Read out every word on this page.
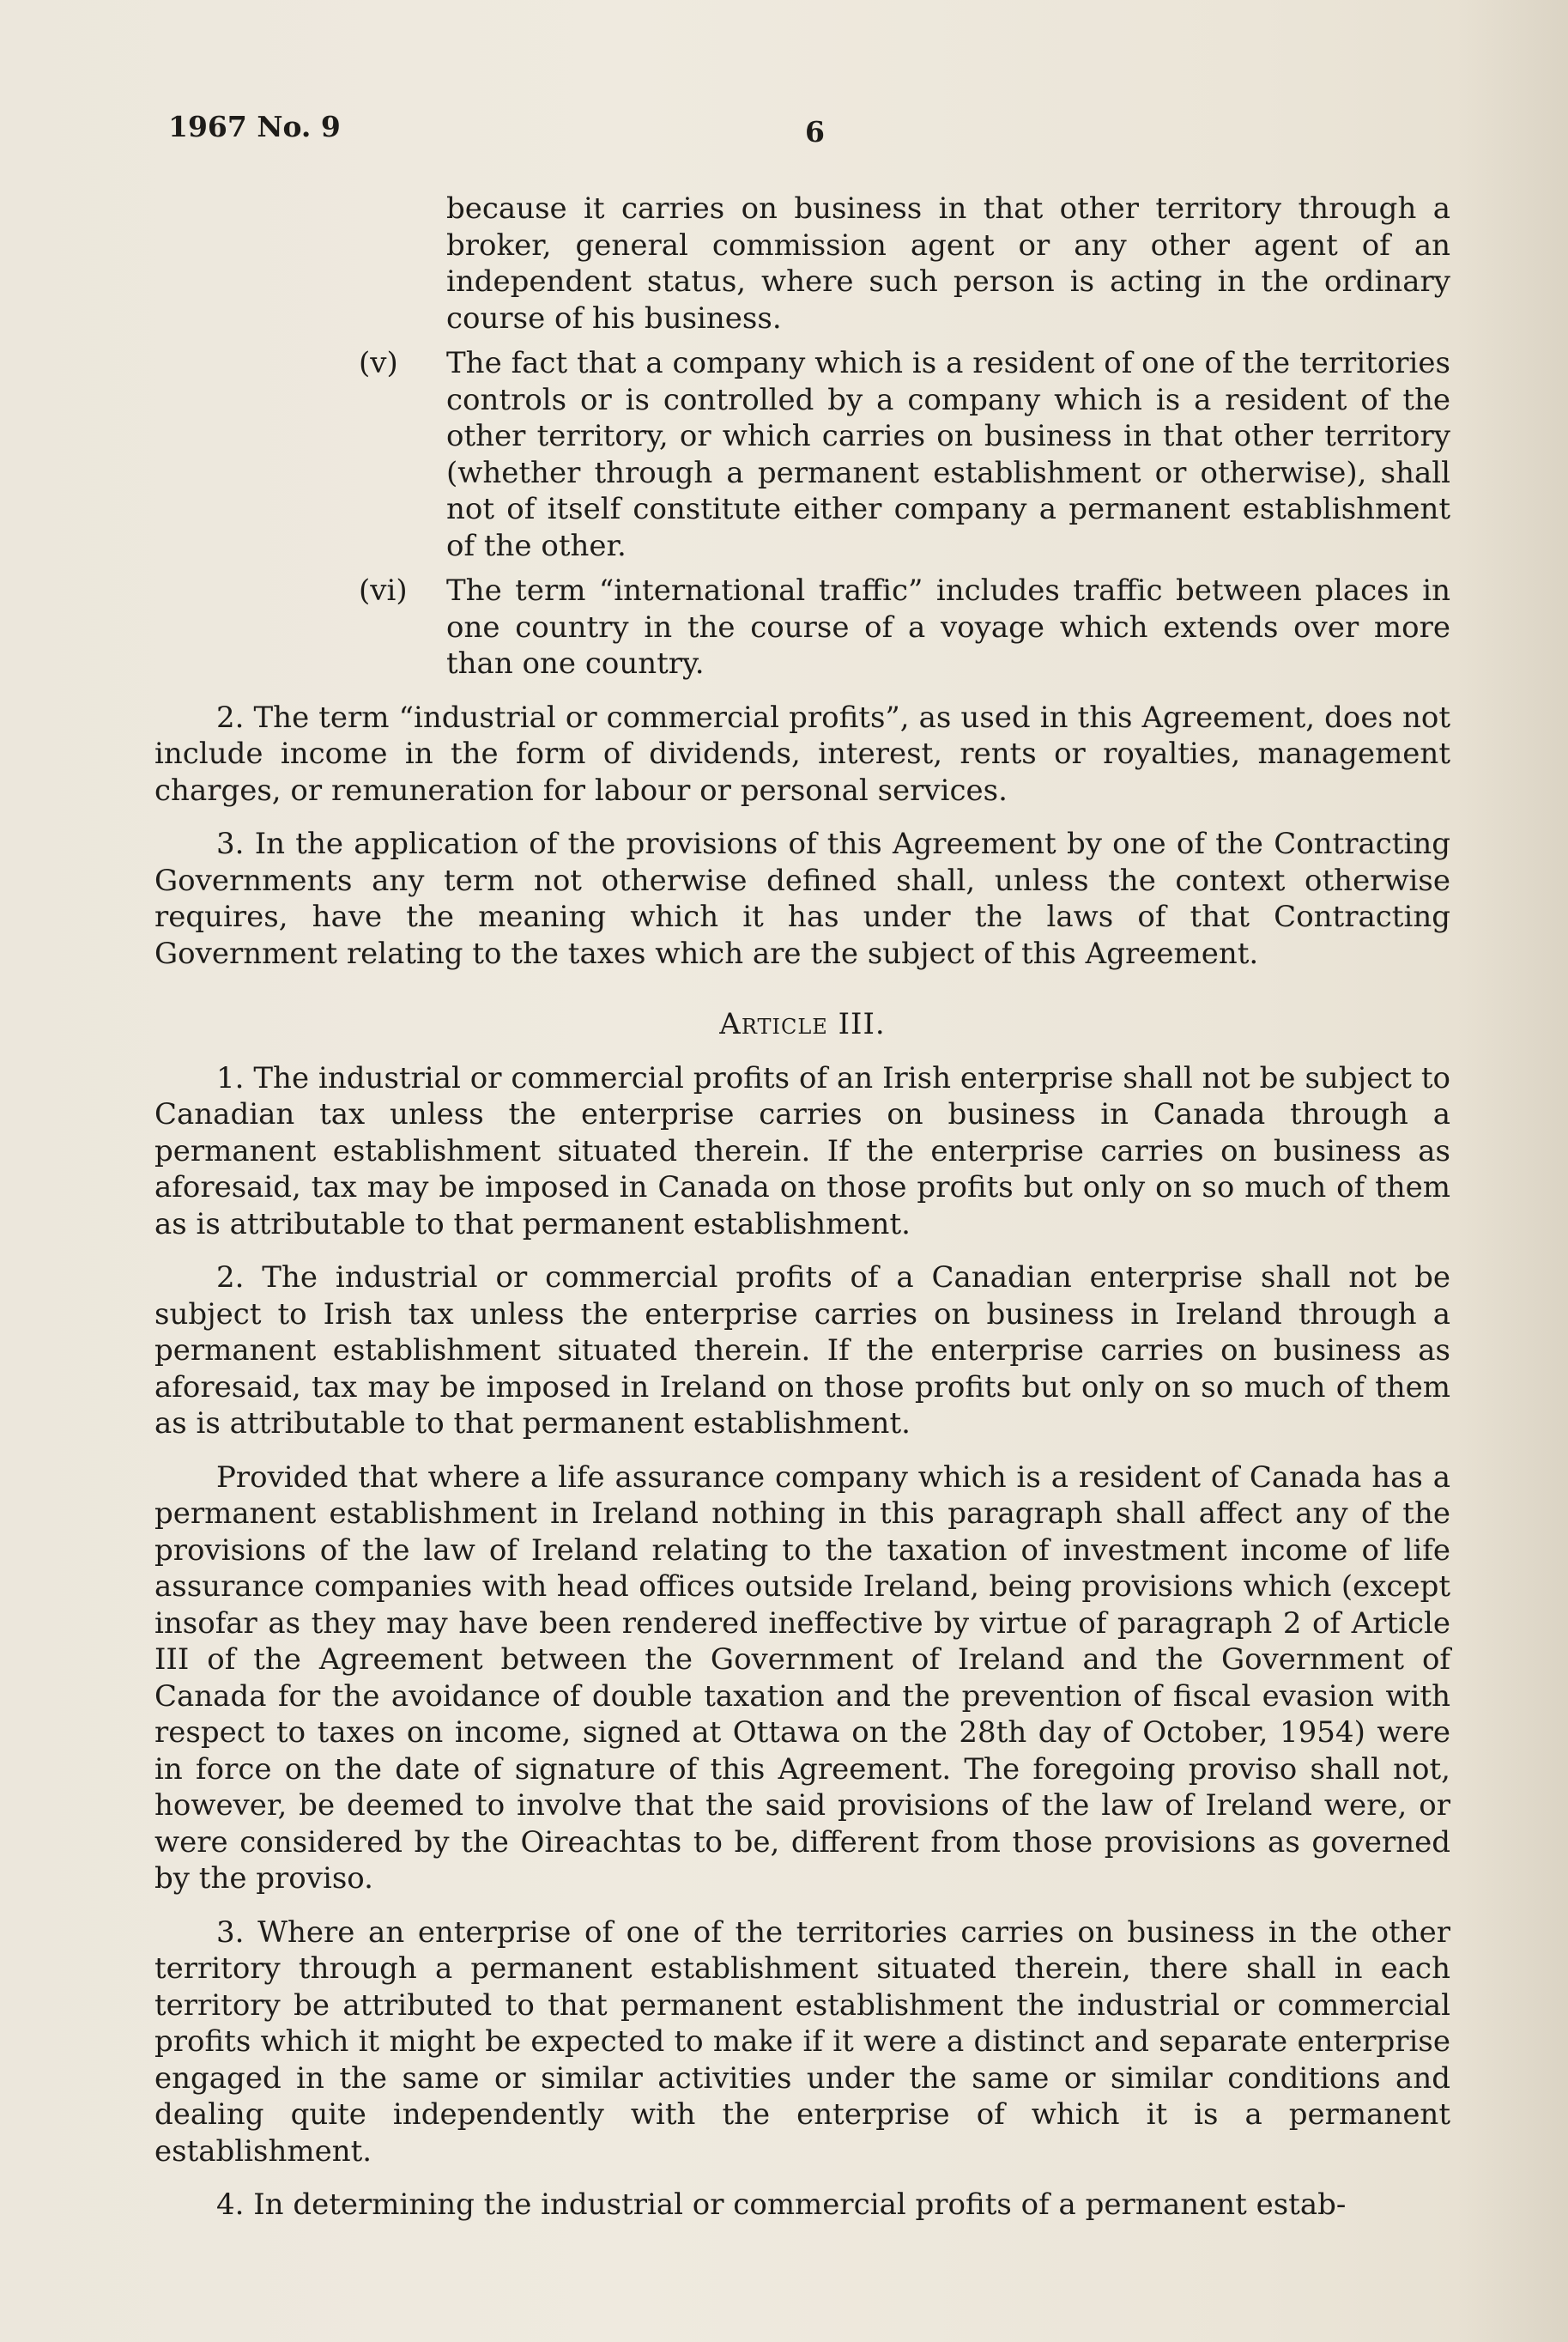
1967 No. 9	6

because it carries on business in that other territory through a broker, general commission agent or any other agent of an independent status, where such person is acting in the ordinary course of his business.

(v)	The fact that a company which is a resident of one of the territories controls or is controlled by a company which is a resident of the other territory, or which carries on business in that other territory (whether through a permanent establishment or otherwise), shall not of itself constitute either company a permanent establishment of the other.

(vi)	The term “international traffic” includes traffic between places in one country in the course of a voyage which extends over more than one country.

2. The term “industrial or commercial profits”, as used in this Agreement, does not include income in the form of dividends, interest, rents or royalties, management charges, or remuneration for labour or personal services.

3. In the application of the provisions of this Agreement by one of the Contracting Governments any term not otherwise defined shall, unless the context otherwise requires, have the meaning which it has under the laws of that Contracting Government relating to the taxes which are the subject of this Agreement.

Article III.

1. The industrial or commercial profits of an Irish enterprise shall not be subject to Canadian tax unless the enterprise carries on business in Canada through a permanent establishment situated therein. If the enterprise carries on business as aforesaid, tax may be imposed in Canada on those profits but only on so much of them as is attributable to that permanent establishment.

2. The industrial or commercial profits of a Canadian enterprise shall not be subject to Irish tax unless the enterprise carries on business in Ireland through a permanent establishment situated therein. If the enterprise carries on business as aforesaid, tax may be imposed in Ireland on those profits but only on so much of them as is attributable to that permanent establishment.

Provided that where a life assurance company which is a resident of Canada has a permanent establishment in Ireland nothing in this paragraph shall affect any of the provisions of the law of Ireland relating to the taxation of investment income of life assurance companies with head offices outside Ireland, being provisions which (except insofar as they may have been rendered ineffective by virtue of paragraph 2 of Article III of the Agreement between the Government of Ireland and the Government of Canada for the avoidance of double taxation and the prevention of fiscal evasion with respect to taxes on income, signed at Ottawa on the 28th day of October, 1954) were in force on the date of signature of this Agreement. The foregoing proviso shall not, however, be deemed to involve that the said provisions of the law of Ireland were, or were considered by the Oireachtas to be, different from those provisions as governed by the proviso.

3. Where an enterprise of one of the territories carries on business in the other territory through a permanent establishment situated therein, there shall in each territory be attributed to that permanent establishment the industrial or commercial profits which it might be expected to make if it were a distinct and separate enterprise engaged in the same or similar activities under the same or similar conditions and dealing quite independently with the enterprise of which it is a permanent establishment.

4. In determining the industrial or commercial profits of a permanent estab-
